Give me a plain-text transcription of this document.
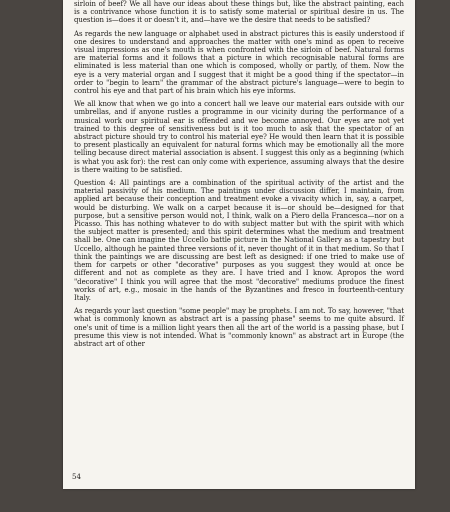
sirloin of beef? We all have our ideas about these things but, like the abstract painting, each is a contrivance whose function it is to satisfy some material or spiritual desire in us. The question is—does it or doesn't it, and—have we the desire that needs to be satisfied?

As regards the new language or alphabet used in abstract pictures this is easily understood if one desires to understand and approaches the matter with one's mind as open to receive visual impressions as one's mouth is when confronted with the sirloin of beef. Natural forms are material forms and it follows that a picture in which recognisable natural forms are eliminated is less material than one which is composed, wholly or partly, of them. Now the eye is a very material organ and I suggest that it might be a good thing if the spectator—in order to "begin to learn" the grammar of the abstract picture's language—were to begin to control his eye and that part of his brain which his eye informs.

We all know that when we go into a concert hall we leave our material ears outside with our umbrellas, and if anyone rustles a programme in our vicinity during the performance of a musical work our spiritual ear is offended and we become annoyed. Our eyes are not yet trained to this degree of sensitiveness but is it too much to ask that the spectator of an abstract picture should try to control his material eye? He would then learn that it is possible to present plastically an equivalent for natural forms which may be emotionally all the more telling because direct material association is absent. I suggest this only as a beginning (which is what you ask for): the rest can only come with experience, assuming always that the desire is there waiting to be satisfied.

Question 4: All paintings are a combination of the spiritual activity of the artist and the material passivity of his medium. The paintings under discussion differ, I maintain, from applied art because their conception and treatment evoke a vivacity which in, say, a carpet, would be disturbing. We walk on a carpet because it is—or should be—designed for that purpose, but a sensitive person would not, I think, walk on a Piero della Francesca—nor on a Picasso. This has nothing whatever to do with subject matter but with the spirit with which the subject matter is presented; and this spirit determines what the medium and treatment shall be. One can imagine the Uccello battle picture in the National Gallery as a tapestry but Uccello, although he painted three versions of it, never thought of it in that medium. So that I think the paintings we are discussing are best left as designed: if one tried to make use of them for carpets or other "decorative" purposes as you suggest they would at once be different and not as complete as they are. I have tried and I know. Apropos the word "decorative" I think you will agree that the most "decorative" mediums produce the finest works of art, e.g., mosaic in the hands of the Byzantines and fresco in fourteenth-century Italy.

As regards your last question "some people" may be prophets. I am not. To say, however, "that what is commonly known as abstract art is a passing phase" seems to me quite absurd. If one's unit of time is a million light years then all the art of the world is a passing phase, but I presume this view is not intended. What is "commonly known" as abstract art in Europe (the abstract art of other

54
